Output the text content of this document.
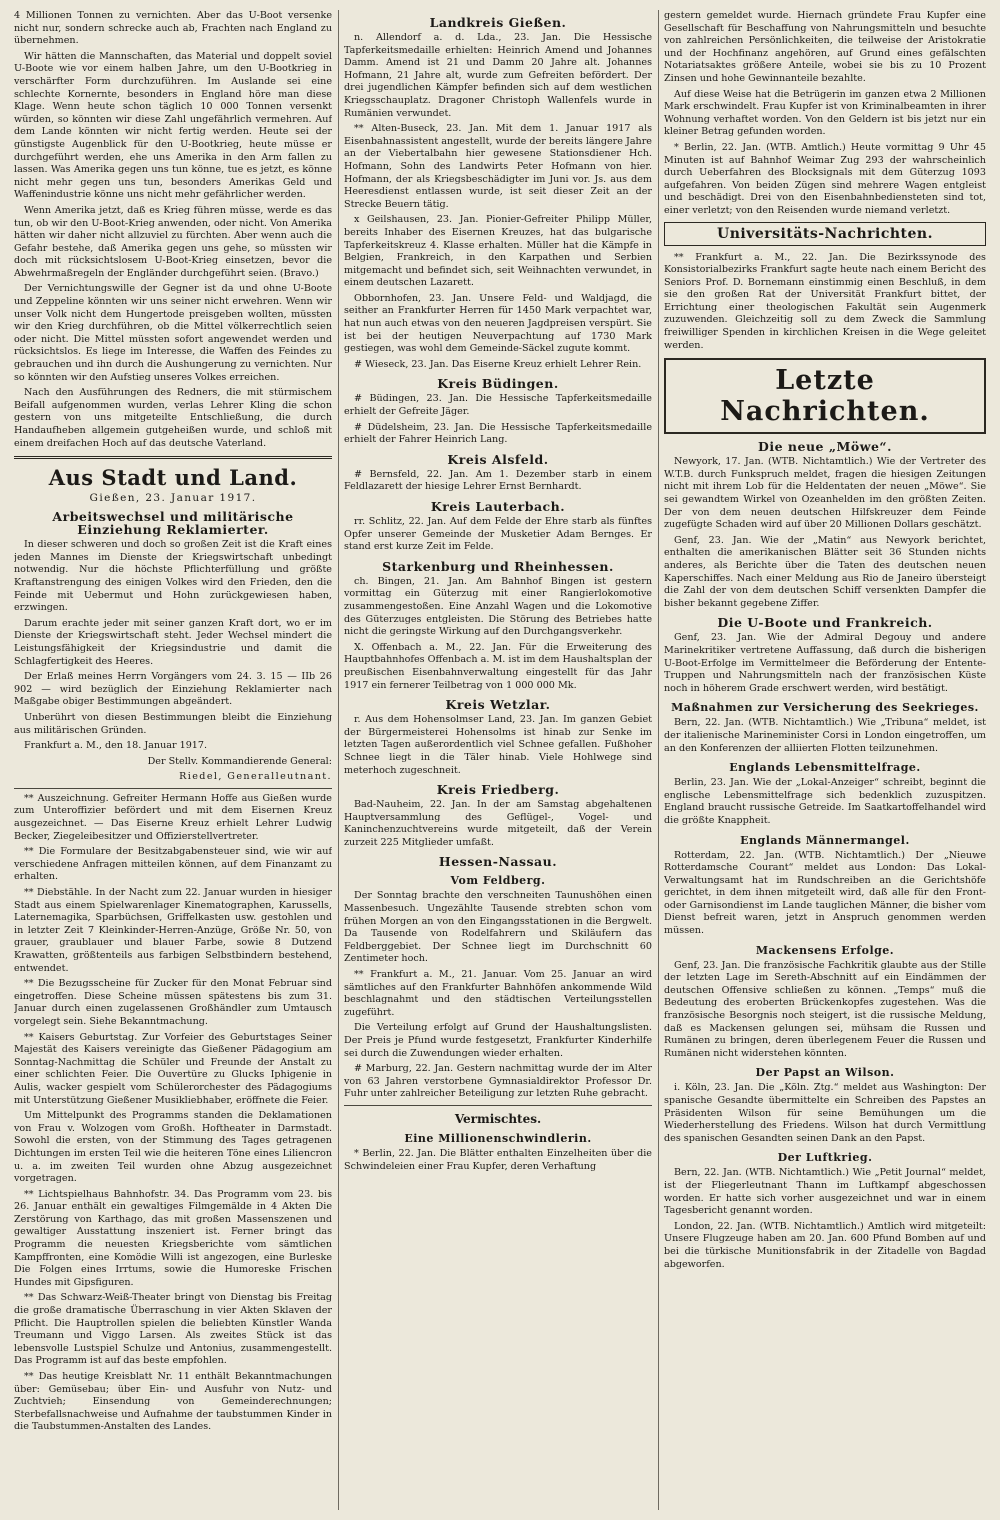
4 Millionen Tonnen zu vernichten. Aber das U-Boot versenke nicht nur, sondern schrecke auch ab, Frachten nach England zu übernehmen.

Wir hätten die Mannschaften, das Material und doppelt soviel U-Boote wie vor einem halben Jahre, um den U-Bootkrieg in verschärfter Form durchzuführen. Im Auslande sei eine schlechte Kornernte, besonders in England höre man diese Klage. Wenn heute schon täglich 10 000 Tonnen versenkt würden, so könnten wir diese Zahl ungefährlich vermehren. Auf dem Lande könnten wir nicht fertig werden. Heute sei der günstigste Augenblick für den U-Bootkrieg, heute müsse er durchgeführt werden, ehe uns Amerika in den Arm fallen zu lassen. Was Amerika gegen uns tun könne, tue es jetzt, es könne nicht mehr gegen uns tun, besonders Amerikas Geld und Waffenindustrie könne uns nicht mehr gefährlicher werden.

Wenn Amerika jetzt, daß es Krieg führen müsse, werde es das tun, ob wir den U-Boot-Krieg anwenden, oder nicht. Von Amerika hätten wir daher nicht allzuviel zu fürchten. Aber wenn auch die Gefahr bestehe, daß Amerika gegen uns gehe, so müssten wir doch mit rücksichtslosem U-Boot-Krieg einsetzen, bevor die Abwehrmaßregeln der Engländer durchgeführt seien. (Bravo.)

Der Vernichtungswille der Gegner ist da und ohne U-Boote und Zeppeline könnten wir uns seiner nicht erwehren. Wenn wir unser Volk nicht dem Hungertode preisgeben wollten, müssten wir den Krieg durchführen, ob die Mittel völkerrechtlich seien oder nicht. Die Mittel müssten sofort angewendet werden und rücksichtslos. Es liege im Interesse, die Waffen des Feindes zu gebrauchen und ihn durch die Aushungerung zu vernichten. Nur so könnten wir den Aufstieg unseres Volkes erreichen.

Nach den Ausführungen des Redners, die mit stürmischem Beifall aufgenommen wurden, verlas Lehrer Kling die schon gestern von uns mitgeteilte Entschließung, die durch Handaufheben allgemein gutgeheißen wurde, und schloß mit einem dreifachen Hoch auf das deutsche Vaterland.

Aus Stadt und Land.
Gießen, 23. Januar 1917.
Arbeitswechsel und militärische Einziehung Reklamierter.

In dieser schweren und doch so großen Zeit ist die Kraft eines jeden Mannes im Dienste der Kriegswirtschaft unbedingt notwendig. Nur die höchste Pflichterfüllung und größte Kraftanstrengung des einigen Volkes wird den Frieden, den die Feinde mit Uebermut und Hohn zurückgewiesen haben, erzwingen.

Darum erachte jeder mit seiner ganzen Kraft dort, wo er im Dienste der Kriegswirtschaft steht. Jeder Wechsel mindert die Leistungsfähigkeit der Kriegsindustrie und damit die Schlagfertigkeit des Heeres.

Der Erlaß meines Herrn Vorgängers vom 24. 3. 15 — IIb 26 902 — wird bezüglich der Einziehung Reklamierter nach Maßgabe obiger Bestimmungen abgeändert.

Unberührt von diesen Bestimmungen bleibt die Einziehung aus militärischen Gründen.

Frankfurt a. M., den 18. Januar 1917.

Der Stellv. Kommandierende General:
Riedel, Generalleutnant.

** Auszeichnung. Gefreiter Hermann Hoffe aus Gießen wurde zum Unteroffizier befördert und mit dem Eisernen Kreuz ausgezeichnet. — Das Eiserne Kreuz erhielt Lehrer Ludwig Becker, Ziegeleibesitzer und Offizierstellvertreter.

** Die Formulare der Besitzabgabensteuer sind, wie wir auf verschiedene Anfragen mitteilen können, auf dem Finanzamt zu erhalten.

** Diebstähle. In der Nacht zum 22. Januar wurden in hiesiger Stadt aus einem Spielwarenlager Kinematographen, Karussells, Laternemagika, Sparbüchsen, Griffelkasten usw. gestohlen und in letzter Zeit 7 Kleinkinder-Herren-Anzüge, Größe Nr. 50, von grauer, graublauer und blauer Farbe, sowie 8 Dutzend Krawatten, größtenteils aus farbigen Selbstbindern bestehend, entwendet.

** Die Bezugsscheine für Zucker für den Monat Februar sind eingetroffen. Diese Scheine müssen spätestens bis zum 31. Januar durch einen zugelassenen Großhändler zum Umtausch vorgelegt sein. Siehe Bekanntmachung.

** Kaisers Geburtstag. Zur Vorfeier des Geburtstages Seiner Majestät des Kaisers vereinigte das Gießener Pädagogium am Sonntag-Nachmittag die Schüler und Freunde der Anstalt zu einer schlichten Feier. Die Ouvertüre zu Glucks Iphigenie in Aulis, wacker gespielt vom Schülerorchester des Pädagogiums mit Unterstützung Gießener Musikliebhaber, eröffnete die Feier.

Um Mittelpunkt des Programms standen die Deklamationen von Frau v. Wolzogen vom Großh. Hoftheater in Darmstadt. Sowohl die ersten, von der Stimmung des Tages getragenen Dichtungen im ersten Teil wie die heiteren Töne eines Liliencron u. a. im zweiten Teil wurden ohne Abzug ausgezeichnet vorgetragen.

** Lichtspielhaus Bahnhofstr. 34. Das Programm vom 23. bis 26. Januar enthält ein gewaltiges Filmgemälde in 4 Akten Die Zerstörung von Karthago, das mit großen Massenszenen und gewaltiger Ausstattung inszeniert ist. Ferner bringt das Programm die neuesten Kriegsberichte vom sämtlichen Kampffronten, eine Komödie Willi ist angezogen, eine Burleske Die Folgen eines Irrtums, sowie die Humoreske Frischen Hundes mit Gipsfiguren.

** Das Schwarz-Weiß-Theater bringt von Dienstag bis Freitag die große dramatische Überraschung in vier Akten Sklaven der Pflicht. Die Hauptrollen spielen die beliebten Künstler Wanda Treumann und Viggo Larsen. Als zweites Stück ist das lebensvolle Lustspiel Schulze und Antonius, zusammengestellt. Das Programm ist auf das beste empfohlen.

** Das heutige Kreisblatt Nr. 11 enthält Bekanntmachungen über: Gemüsebau; über Ein- und Ausfuhr von Nutz- und Zuchtvieh; Einsendung von Gemeinderechnungen; Sterbefallsnachweise und Aufnahme der taubstummen Kinder in die Taubstummen-Anstalten des Landes.

Landkreis Gießen.

n. Allendorf a. d. Lda., 23. Jan. Die Hessische Tapferkeitsmedaille erhielten: Heinrich Amend und Johannes Damm. Amend ist 21 und Damm 20 Jahre alt. Johannes Hofmann, 21 Jahre alt, wurde zum Gefreiten befördert. Der drei jugendlichen Kämpfer befinden sich auf dem westlichen Kriegsschauplatz. Dragoner Christoph Wallenfels wurde in Rumänien verwundet.

** Alten-Buseck, 23. Jan. Mit dem 1. Januar 1917 als Eisenbahnassistent angestellt, wurde der bereits längere Jahre an der Viebertalbahn hier gewesene Stationsdiener Hch. Hofmann, Sohn des Landwirts Peter Hofmann von hier. Hofmann, der als Kriegsbeschädigter im Juni vor. Js. aus dem Heeresdienst entlassen wurde, ist seit dieser Zeit an der Strecke Beuern tätig.

x Geilshausen, 23. Jan. Pionier-Gefreiter Philipp Müller, bereits Inhaber des Eisernen Kreuzes, hat das bulgarische Tapferkeitskreuz 4. Klasse erhalten. Müller hat die Kämpfe in Belgien, Frankreich, in den Karpathen und Serbien mitgemacht und befindet sich, seit Weihnachten verwundet, in einem deutschen Lazarett.

Obbornhofen, 23. Jan. Unsere Feld- und Waldjagd, die seither an Frankfurter Herren für 1450 Mark verpachtet war, hat nun auch etwas von den neueren Jagdpreisen verspürt. Sie ist bei der heutigen Neuverpachtung auf 1730 Mark gestiegen, was wohl dem Gemeinde-Säckel zugute kommt.

# Wieseck, 23. Jan. Das Eiserne Kreuz erhielt Lehrer Rein.

Kreis Büdingen.

# Büdingen, 23. Jan. Die Hessische Tapferkeitsmedaille erhielt der Gefreite Jäger.

# Düdelsheim, 23. Jan. Die Hessische Tapferkeitsmedaille erhielt der Fahrer Heinrich Lang.

Kreis Alsfeld.

# Bernsfeld, 22. Jan. Am 1. Dezember starb in einem Feldlazarett der hiesige Lehrer Ernst Bernhardt.

Kreis Lauterbach.

rr. Schlitz, 22. Jan. Auf dem Felde der Ehre starb als fünftes Opfer unserer Gemeinde der Musketier Adam Bernges. Er stand erst kurze Zeit im Felde.

Starkenburg und Rheinhessen.

ch. Bingen, 21. Jan. Am Bahnhof Bingen ist gestern vormittag ein Güterzug mit einer Rangierlokomotive zusammengestoßen. Eine Anzahl Wagen und die Lokomotive des Güterzuges entgleisten. Die Störung des Betriebes hatte nicht die geringste Wirkung auf den Durchgangsverkehr.

X. Offenbach a. M., 22. Jan. Für die Erweiterung des Hauptbahnhofes Offenbach a. M. ist im dem Haushaltsplan der preußischen Eisenbahnverwaltung eingestellt für das Jahr 1917 ein fernerer Teilbetrag von 1 000 000 Mk.

Kreis Wetzlar.

r. Aus dem Hohensolmser Land, 23. Jan. Im ganzen Gebiet der Bürgermeisterei Hohensolms ist hinab zur Senke im letzten Tagen außerordentlich viel Schnee gefallen. Fußhoher Schnee liegt in die Täler hinab. Viele Hohlwege sind meterhoch zugeschneit.

Kreis Friedberg.

Bad-Nauheim, 22. Jan. In der am Samstag abgehaltenen Hauptversammlung des Geflügel-, Vogel- und Kaninchenzuchtvereins wurde mitgeteilt, daß der Verein zurzeit 225 Mitglieder umfaßt.

Hessen-Nassau.
Vom Feldberg.

Der Sonntag brachte den verschneiten Taunushöhen einen Massenbesuch. Ungezählte Tausende strebten schon vom frühen Morgen an von den Eingangsstationen in die Bergwelt. Da Tausende von Rodelfahrern und Skiläufern das Feldberggebiet. Der Schnee liegt im Durchschnitt 60 Zentimeter hoch.

** Frankfurt a. M., 21. Januar. Vom 25. Januar an wird sämtliches auf den Frankfurter Bahnhöfen ankommende Wild beschlagnahmt und den städtischen Verteilungsstellen zugeführt.

Die Verteilung erfolgt auf Grund der Haushaltungslisten. Der Preis je Pfund wurde festgesetzt, Frankfurter Kinderhilfe sei durch die Zuwendungen wieder erhalten.

# Marburg, 22. Jan. Gestern nachmittag wurde der im Alter von 63 Jahren verstorbene Gymnasialdirektor Professor Dr. Fuhr unter zahlreicher Beteiligung zur letzten Ruhe gebracht.

Vermischtes.
Eine Millionenschwindlerin.

* Berlin, 22. Jan. Die Blätter enthalten Einzelheiten über die Schwindeleien einer Frau Kupfer, deren Verhaftung

gestern gemeldet wurde. Hiernach gründete Frau Kupfer eine Gesellschaft für Beschaffung von Nahrungsmitteln und besuchte von zahlreichen Persönlichkeiten, die teilweise der Aristokratie und der Hochfinanz angehören, auf Grund eines gefälschten Notariatsaktes größere Anteile, wobei sie bis zu 10 Prozent Zinsen und hohe Gewinnanteile bezahlte.

Auf diese Weise hat die Betrügerin im ganzen etwa 2 Millionen Mark erschwindelt. Frau Kupfer ist von Kriminalbeamten in ihrer Wohnung verhaftet worden. Von den Geldern ist bis jetzt nur ein kleiner Betrag gefunden worden.

* Berlin, 22. Jan. (WTB. Amtlich.) Heute vormittag 9 Uhr 45 Minuten ist auf Bahnhof Weimar Zug 293 der wahrscheinlich durch Ueberfahren des Blocksignals mit dem Güterzug 1093 aufgefahren. Von beiden Zügen sind mehrere Wagen entgleist und beschädigt. Drei von den Eisenbahnbediensteten sind tot, einer verletzt; von den Reisenden wurde niemand verletzt.

Universitäts-Nachrichten.

** Frankfurt a. M., 22. Jan. Die Bezirkssynode des Konsistorialbezirks Frankfurt sagte heute nach einem Bericht des Seniors Prof. D. Bornemann einstimmig einen Beschluß, in dem sie den großen Rat der Universität Frankfurt bittet, der Errichtung einer theologischen Fakultät sein Augenmerk zuzuwenden. Gleichzeitig soll zu dem Zweck die Sammlung freiwilliger Spenden in kirchlichen Kreisen in die Wege geleitet werden.

Letzte Nachrichten.
Die neue „Möwe“.

Newyork, 17. Jan. (WTB. Nichtamtlich.) Wie der Vertreter des W.T.B. durch Funkspruch meldet, fragen die hiesigen Zeitungen nicht mit ihrem Lob für die Heldentaten der neuen „Möwe“. Sie sei gewandtem Wirkel von Ozeanhelden im den größten Zeiten. Der von dem neuen deutschen Hilfskreuzer dem Feinde zugefügte Schaden wird auf über 20 Millionen Dollars geschätzt.

Genf, 23. Jan. Wie der „Matin“ aus Newyork berichtet, enthalten die amerikanischen Blätter seit 36 Stunden nichts anderes, als Berichte über die Taten des deutschen neuen Kaperschiffes. Nach einer Meldung aus Rio de Janeiro übersteigt die Zahl der von dem deutschen Schiff versenkten Dampfer die bisher bekannt gegebene Ziffer.

Die U-Boote und Frankreich.

Genf, 23. Jan. Wie der Admiral Degouy und andere Marinekritiker vertretene Auffassung, daß durch die bisherigen U-Boot-Erfolge im Vermittelmeer die Beförderung der Entente-Truppen und Nahrungsmitteln nach der französischen Küste noch in höherem Grade erschwert werden, wird bestätigt.

Maßnahmen zur Versicherung des Seekrieges.

Bern, 22. Jan. (WTB. Nichtamtlich.) Wie „Tribuna“ meldet, ist der italienische Marineminister Corsi in London eingetroffen, um an den Konferenzen der alliierten Flotten teilzunehmen.

Englands Lebensmittelfrage.

Berlin, 23. Jan. Wie der „Lokal-Anzeiger“ schreibt, beginnt die englische Lebensmittelfrage sich bedenklich zuzuspitzen. England braucht russische Getreide. Im Saatkartoffelhandel wird die größte Knappheit.

Englands Männermangel.

Rotterdam, 22. Jan. (WTB. Nichtamtlich.) Der „Nieuwe Rotterdamsche Courant“ meldet aus London: Das Lokal-Verwaltungsamt hat im Rundschreiben an die Gerichtshöfe gerichtet, in dem ihnen mitgeteilt wird, daß alle für den Front- oder Garnisondienst im Lande tauglichen Männer, die bisher vom Dienst befreit waren, jetzt in Anspruch genommen werden müssen.

Mackensens Erfolge.

Genf, 23. Jan. Die französische Fachkritik glaubte aus der Stille der letzten Lage im Sereth-Abschnitt auf ein Eindämmen der deutschen Offensive schließen zu können. „Temps“ muß die Bedeutung des eroberten Brückenkopfes zugestehen. Was die französische Besorgnis noch steigert, ist die russische Meldung, daß es Mackensen gelungen sei, mühsam die Russen und Rumänen zu bringen, deren überlegenem Feuer die Russen und Rumänen nicht widerstehen könnten.

Der Papst an Wilson.

i. Köln, 23. Jan. Die „Köln. Ztg.“ meldet aus Washington: Der spanische Gesandte übermittelte ein Schreiben des Papstes an Präsidenten Wilson für seine Bemühungen um die Wiederherstellung des Friedens. Wilson hat durch Vermittlung des spanischen Gesandten seinen Dank an den Papst.

Der Luftkrieg.

Bern, 22. Jan. (WTB. Nichtamtlich.) Wie „Petit Journal“ meldet, ist der Fliegerleutnant Thann im Luftkampf abgeschossen worden. Er hatte sich vorher ausgezeichnet und war in einem Tagesbericht genannt worden.

London, 22. Jan. (WTB. Nichtamtlich.) Amtlich wird mitgeteilt: Unsere Flugzeuge haben am 20. Jan. 600 Pfund Bomben auf und bei die türkische Munitionsfabrik in der Zitadelle von Bagdad abgeworfen.
